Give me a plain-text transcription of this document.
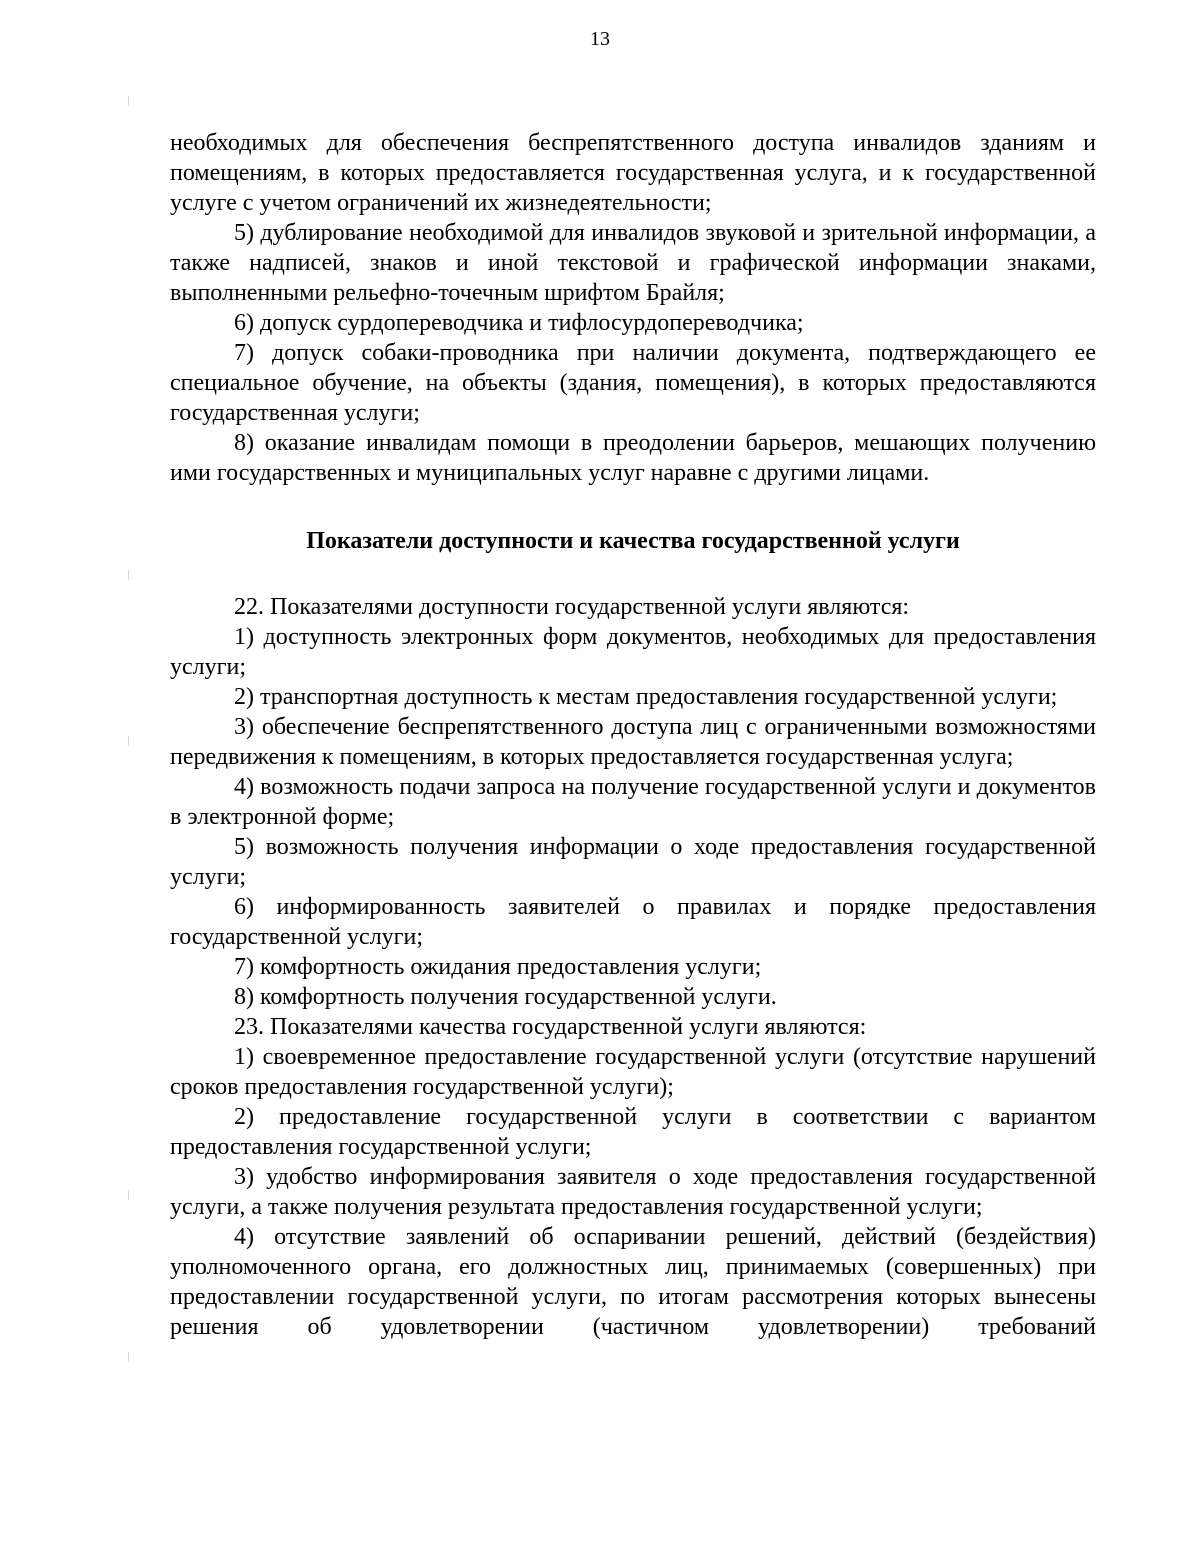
13

необходимых для обеспечения беспрепятственного доступа инвалидов зданиям и помещениям, в которых предоставляется государственная услуга, и к государственной услуге с учетом ограничений их жизнедеятельности;

5) дублирование необходимой для инвалидов звуковой и зрительной информации, а также надписей, знаков и иной текстовой и графической информации знаками, выполненными рельефно-точечным шрифтом Брайля;

6) допуск сурдопереводчика и тифлосурдопереводчика;

7) допуск собаки-проводника при наличии документа, подтверждающего ее специальное обучение, на объекты (здания, помещения), в которых предоставляются государственная услуги;

8) оказание инвалидам помощи в преодолении барьеров, мешающих получению ими государственных и муниципальных услуг наравне с другими лицами.

Показатели доступности и качества государственной услуги

22. Показателями доступности государственной услуги являются:

1) доступность электронных форм документов, необходимых для предоставления услуги;

2) транспортная доступность к местам предоставления государственной услуги;

3) обеспечение беспрепятственного доступа лиц с ограниченными возможностями передвижения к помещениям, в которых предоставляется государственная услуга;

4) возможность подачи запроса на получение государственной услуги и документов в электронной форме;

5) возможность получения информации о ходе предоставления государственной услуги;

6) информированность заявителей о правилах и порядке предоставления государственной услуги;

7) комфортность ожидания предоставления услуги;

8) комфортность получения государственной услуги.

23. Показателями качества государственной услуги являются:

1) своевременное предоставление государственной услуги (отсутствие нарушений сроков предоставления государственной услуги);

2) предоставление государственной услуги в соответствии с вариантом предоставления государственной услуги;

3) удобство информирования заявителя о ходе предоставления государственной услуги, а также получения результата предоставления государственной услуги;

4) отсутствие заявлений об оспаривании решений, действий (бездействия) уполномоченного органа, его должностных лиц, принимаемых (совершенных) при предоставлении государственной услуги, по итогам рассмотрения которых вынесены решения об удовлетворении (частичном удовлетворении) требований
